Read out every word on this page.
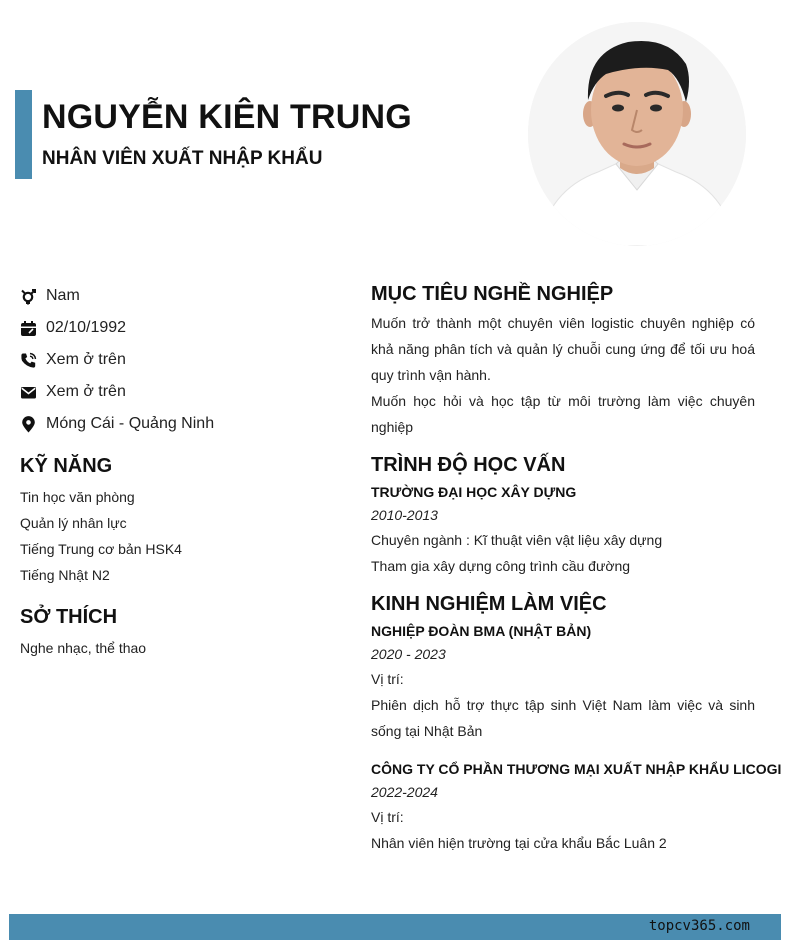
NGUYỄN KIÊN TRUNG
NHÂN VIÊN XUẤT NHẬP KHẨU
Nam
02/10/1992
Xem ở trên
Xem ở trên
Móng Cái - Quảng Ninh
KỸ NĂNG
Tin học văn phòng
Quản lý nhân lực
Tiếng Trung cơ bản HSK4
Tiếng Nhật N2
SỞ THÍCH
Nghe nhạc, thể thao
MỤC TIÊU NGHỀ NGHIỆP

Muốn trở thành một chuyên viên logistic chuyên nghiệp có khả năng phân tích và quản lý chuỗi cung ứng để tối ưu hoá quy trình vận hành.

Muốn học hỏi và học tập từ môi trường làm việc chuyên nghiệp

TRÌNH ĐỘ HỌC VẤN
TRƯỜNG ĐẠI HỌC XÂY DỰNG
2010-2013
Chuyên ngành : Kĩ thuật viên vật liệu xây dựng
Tham gia xây dựng công trình cầu đường
KINH NGHIỆM LÀM VIỆC
NGHIỆP ĐOÀN BMA (NHẬT BẢN)
2020 - 2023
Vị trí:

Phiên dịch hỗ trợ thực tập sinh Việt Nam làm việc và sinh sống tại Nhật Bản

CÔNG TY CỔ PHẦN THƯƠNG MẠI XUẤT NHẬP KHẨU LICOGI
2022-2024
Vị trí:
Nhân viên hiện trường tại cửa khẩu Bắc Luân 2
topcv365.com
